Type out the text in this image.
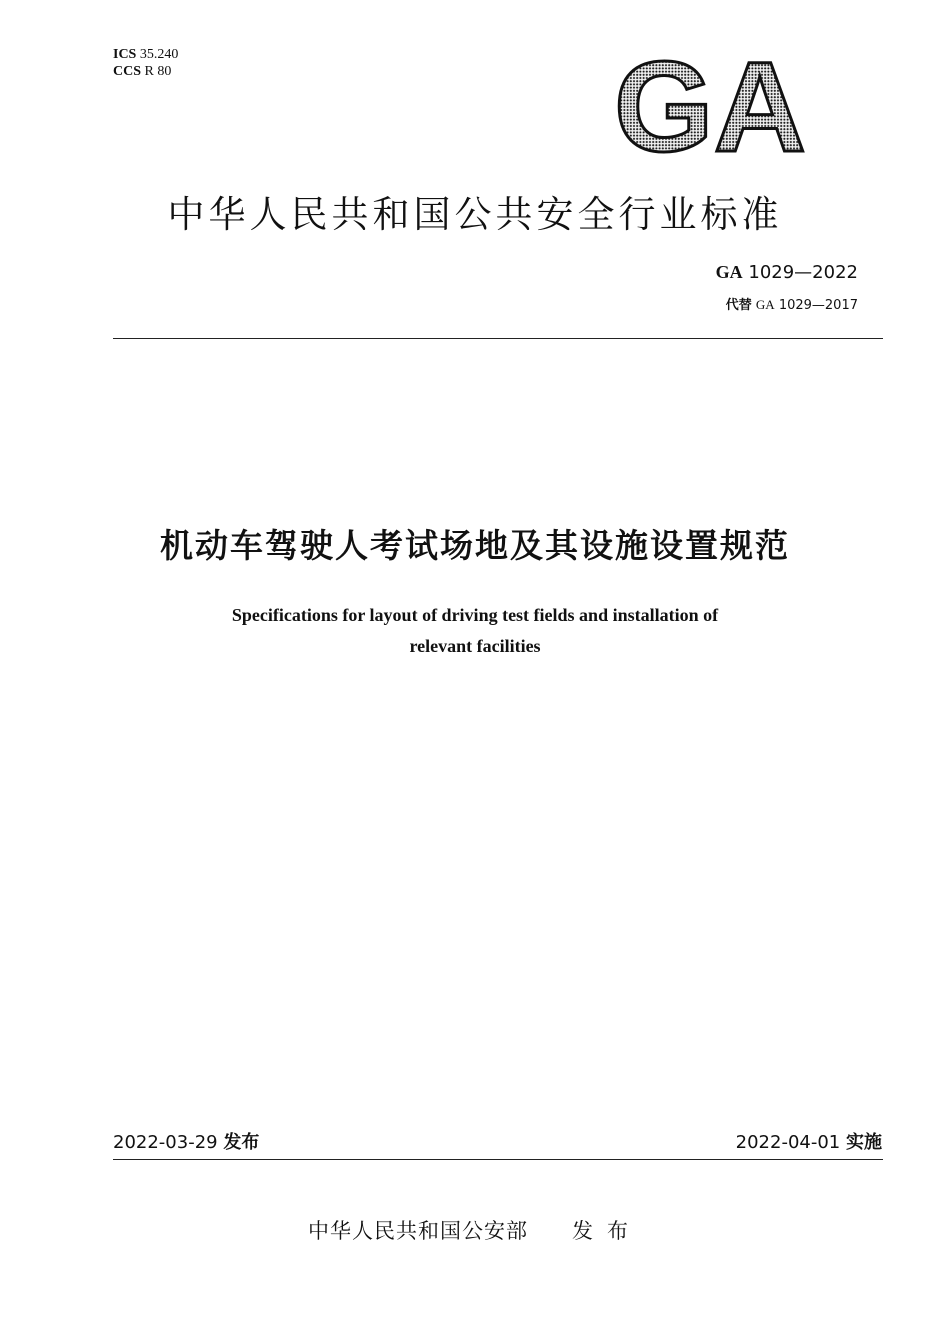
ICS 35.240
CCS R 80	GA
中华人民共和国公共安全行业标准
GA 1029—2022
代替 GA 1029—2017
机动车驾驶人考试场地及其设施设置规范
Specifications for layout of driving test fields and installation of
relevant facilities
2022-03-29 发布	2022-04-01 实施
中华人民共和国公安部 发布
